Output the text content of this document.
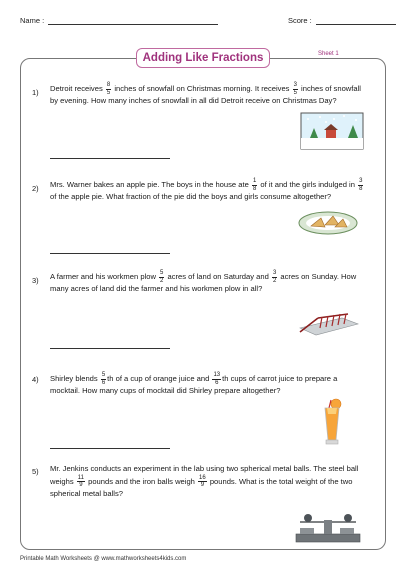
Name :	Score :
Adding Like Fractions	Sheet 1
1) Detroit receives $\frac{8}{5}$ inches of snowfall on Christmas morning. It receives $\frac{3}{5}$ inches of snowfall by evening. How many inches of snowfall in all did Detroit receive on Christmas Day?
2) Mrs. Warner bakes an apple pie. The boys in the house ate $\frac{1}{8}$ of it and the girls indulged in $\frac{3}{8}$
of the apple pie. What fraction of the pie did the boys and girls consume altogether?
3) A farmer and his workmen plow $\frac{5}{2}$ acres of land on Saturday and $\frac{3}{2}$ acres on Sunday. How many acres of land did the farmer and his workmen plow in all?
4) Shirley blends $\frac{5}{6}$ th of a cup of orange juice and $\frac{13}{6}$ th cups of carrot juice to prepare a mocktail. How many cups of mocktail did Shirley prepare altogether?
5) Mr. Jenkins conducts an experiment in the lab using two spherical metal balls. The steel ball weighs $\frac{11}{9}$ pounds and the iron balls weigh $\frac{16}{9}$ pounds. What is the total weight of the two spherical metal balls?
Printable Math Worksheets @ www.mathworksheets4kids.com
